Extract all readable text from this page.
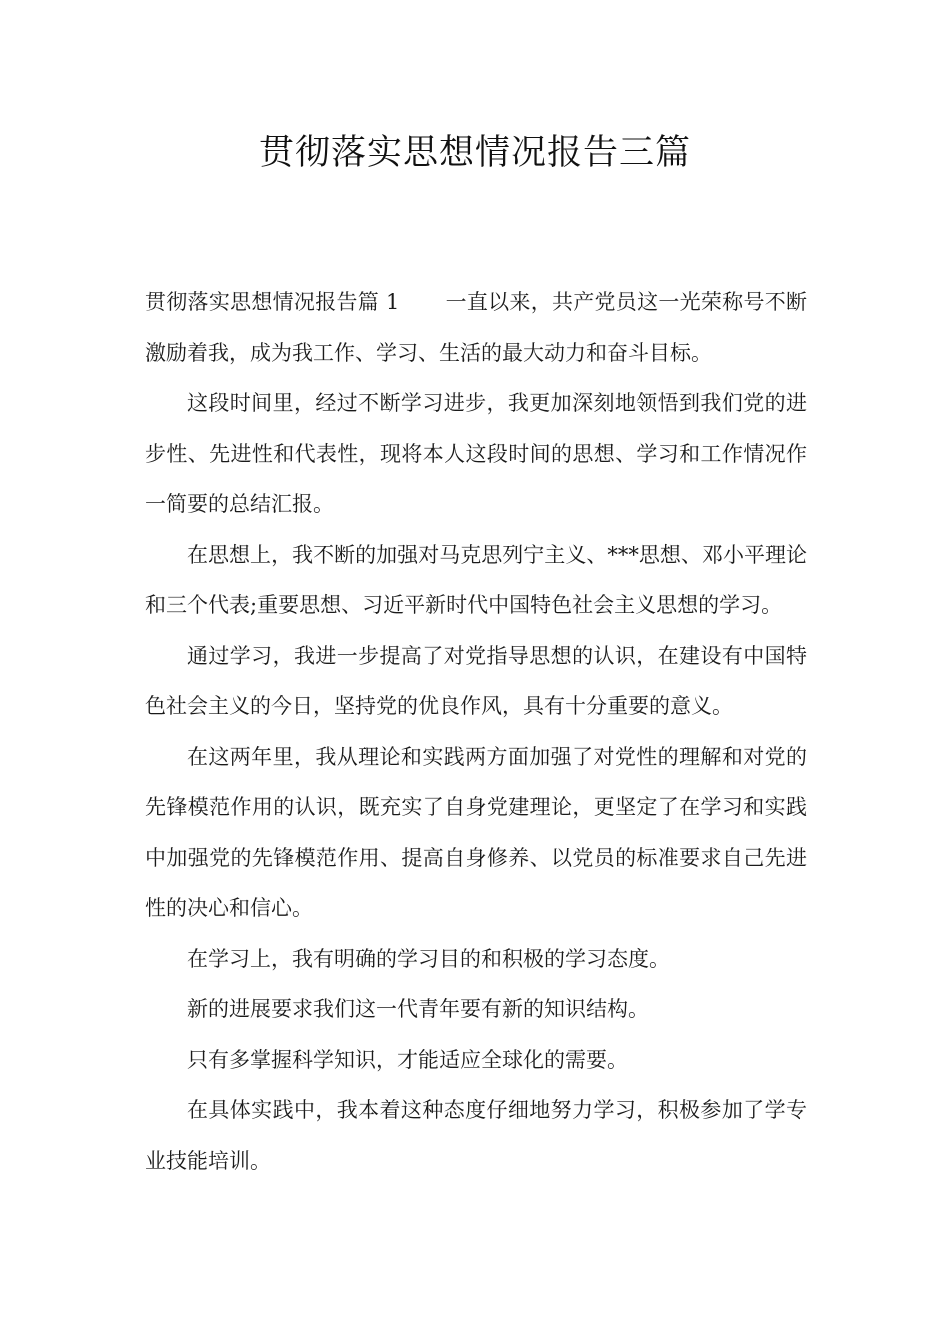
贯彻落实思想情况报告三篇

贯彻落实思想情况报告篇 1 一直以来，共产党员这一光荣称号不断激励着我，成为我工作、学习、生活的最大动力和奋斗目标。

这段时间里，经过不断学习进步，我更加深刻地领悟到我们党的进步性、先进性和代表性，现将本人这段时间的思想、学习和工作情况作一简要的总结汇报。

在思想上，我不断的加强对马克思列宁主义、***思想、邓小平理论和三个代表;重要思想、习近平新时代中国特色社会主义思想的学习。

通过学习，我进一步提高了对党指导思想的认识，在建设有中国特色社会主义的今日，坚持党的优良作风，具有十分重要的意义。

在这两年里，我从理论和实践两方面加强了对党性的理解和对党的先锋模范作用的认识，既充实了自身党建理论，更坚定了在学习和实践中加强党的先锋模范作用、提高自身修养、以党员的标准要求自己先进性的决心和信心。

在学习上，我有明确的学习目的和积极的学习态度。

新的进展要求我们这一代青年要有新的知识结构。

只有多掌握科学知识，才能适应全球化的需要。

在具体实践中，我本着这种态度仔细地努力学习，积极参加了学专业技能培训。
